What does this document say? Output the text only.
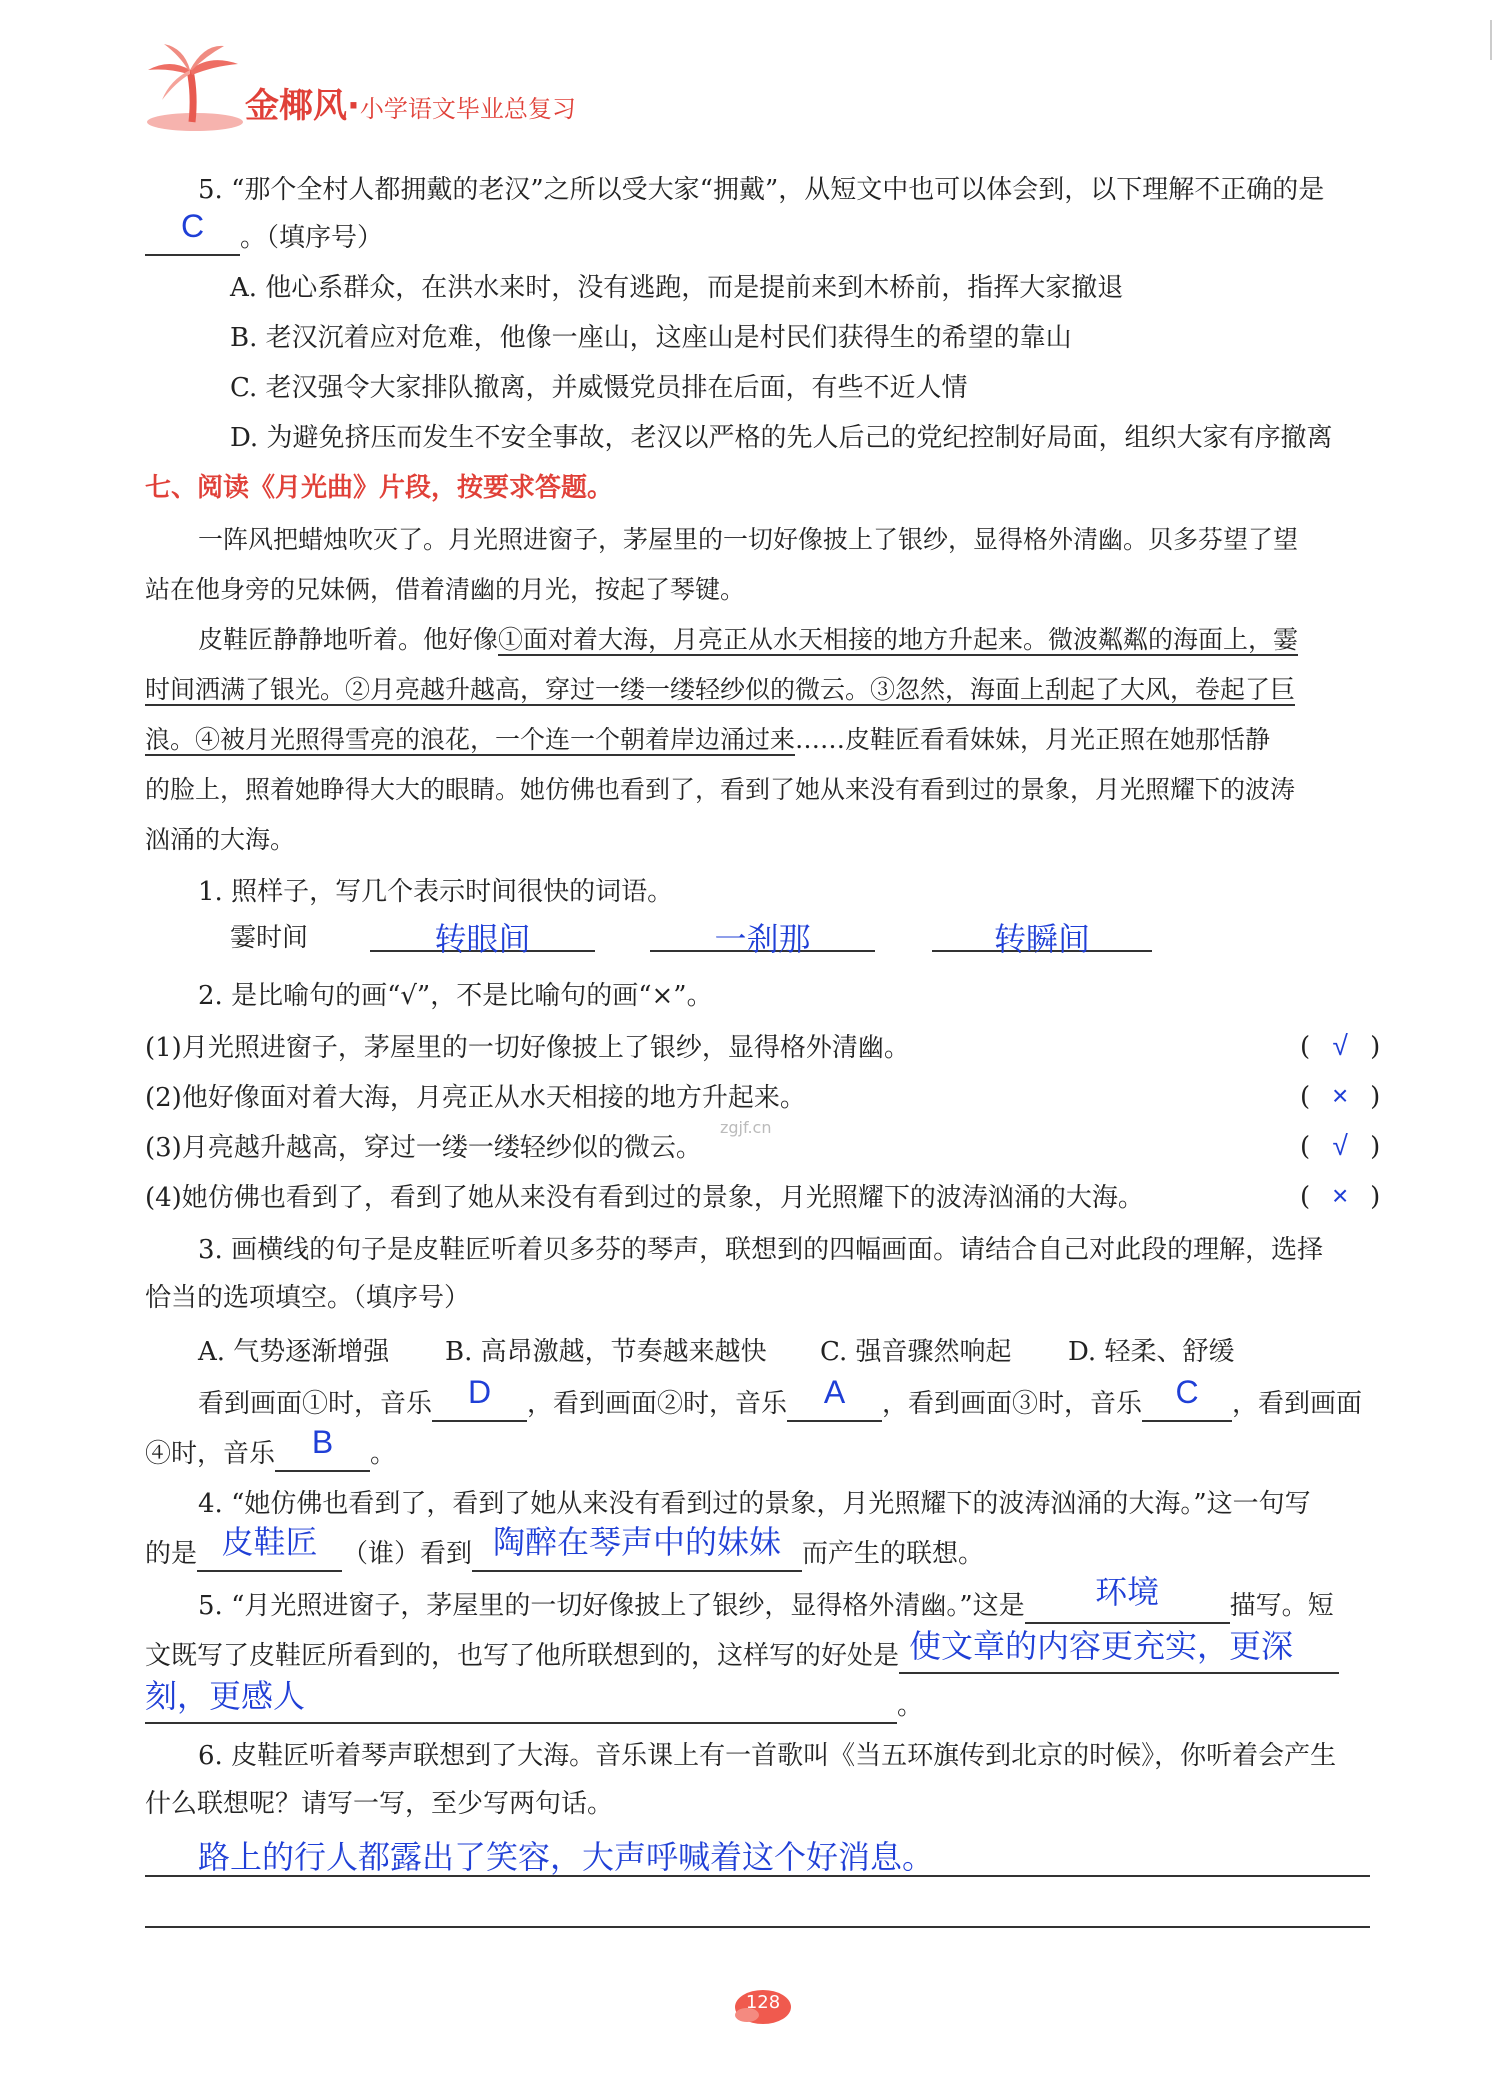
金椰风·小学语文毕业总复习
5. “那个全村人都拥戴的老汉”之所以受大家“拥戴”，从短文中也可以体会到，以下理解不正确的是
C 。（填序号）
A. 他心系群众，在洪水来时，没有逃跑，而是提前来到木桥前，指挥大家撤退
B. 老汉沉着应对危难，他像一座山，这座山是村民们获得生的希望的靠山
C. 老汉强令大家排队撤离，并威慑党员排在后面，有些不近人情
D. 为避免挤压而发生不安全事故，老汉以严格的先人后己的党纪控制好局面，组织大家有序撤离
七、阅读《月光曲》片段，按要求答题。
一阵风把蜡烛吹灭了。月光照进窗子，茅屋里的一切好像披上了银纱，显得格外清幽。贝多芬望了望
站在他身旁的兄妹俩，借着清幽的月光，按起了琴键。
皮鞋匠静静地听着。他好像①面对着大海，月亮正从水天相接的地方升起来。微波粼粼的海面上，霎
时间洒满了银光。②月亮越升越高，穿过一缕一缕轻纱似的微云。③忽然，海面上刮起了大风，卷起了巨
浪。④被月光照得雪亮的浪花，一个连一个朝着岸边涌过来……皮鞋匠看看妹妹，月光正照在她那恬静
的脸上，照着她睁得大大的眼睛。她仿佛也看到了，看到了她从来没有看到过的景象，月光照耀下的波涛
汹涌的大海。
1. 照样子，写几个表示时间很快的词语。
霎时间	转眼间	一刹那	转瞬间
2. 是比喻句的画“√”，不是比喻句的画“×”。
(1)月光照进窗子，茅屋里的一切好像披上了银纱，显得格外清幽。	( √ )
(2)他好像面对着大海，月亮正从水天相接的地方升起来。	( × )
zgjf.cn
(3)月亮越升越高，穿过一缕一缕轻纱似的微云。	( √ )
(4)她仿佛也看到了，看到了她从来没有看到过的景象，月光照耀下的波涛汹涌的大海。	( × )
3. 画横线的句子是皮鞋匠听着贝多芬的琴声，联想到的四幅画面。请结合自己对此段的理解，选择
恰当的选项填空。（填序号）
A. 气势逐渐增强 B. 高昂激越，节奏越来越快 C. 强音骤然响起 D. 轻柔、舒缓
看到画面①时，音乐 D ，看到画面②时，音乐 A ，看到画面③时，音乐 C ，看到画面
④时，音乐 B 。
4. “她仿佛也看到了，看到了她从来没有看到过的景象，月光照耀下的波涛汹涌的大海。”这一句写
的是 皮鞋匠 （谁）看到 陶醉在琴声中的妹妹 而产生的联想。
5. “月光照进窗子，茅屋里的一切好像披上了银纱，显得格外清幽。”这是 环境	描写。短
文既写了皮鞋匠所看到的，也写了他所联想到的，这样写的好处是 使文章的内容更充实，更深
刻，更感人	。
6. 皮鞋匠听着琴声联想到了大海。音乐课上有一首歌叫《当五环旗传到北京的时候》，你听着会产生
什么联想呢？请写一写，至少写两句话。
路上的行人都露出了笑容，大声呼喊着这个好消息。
128
